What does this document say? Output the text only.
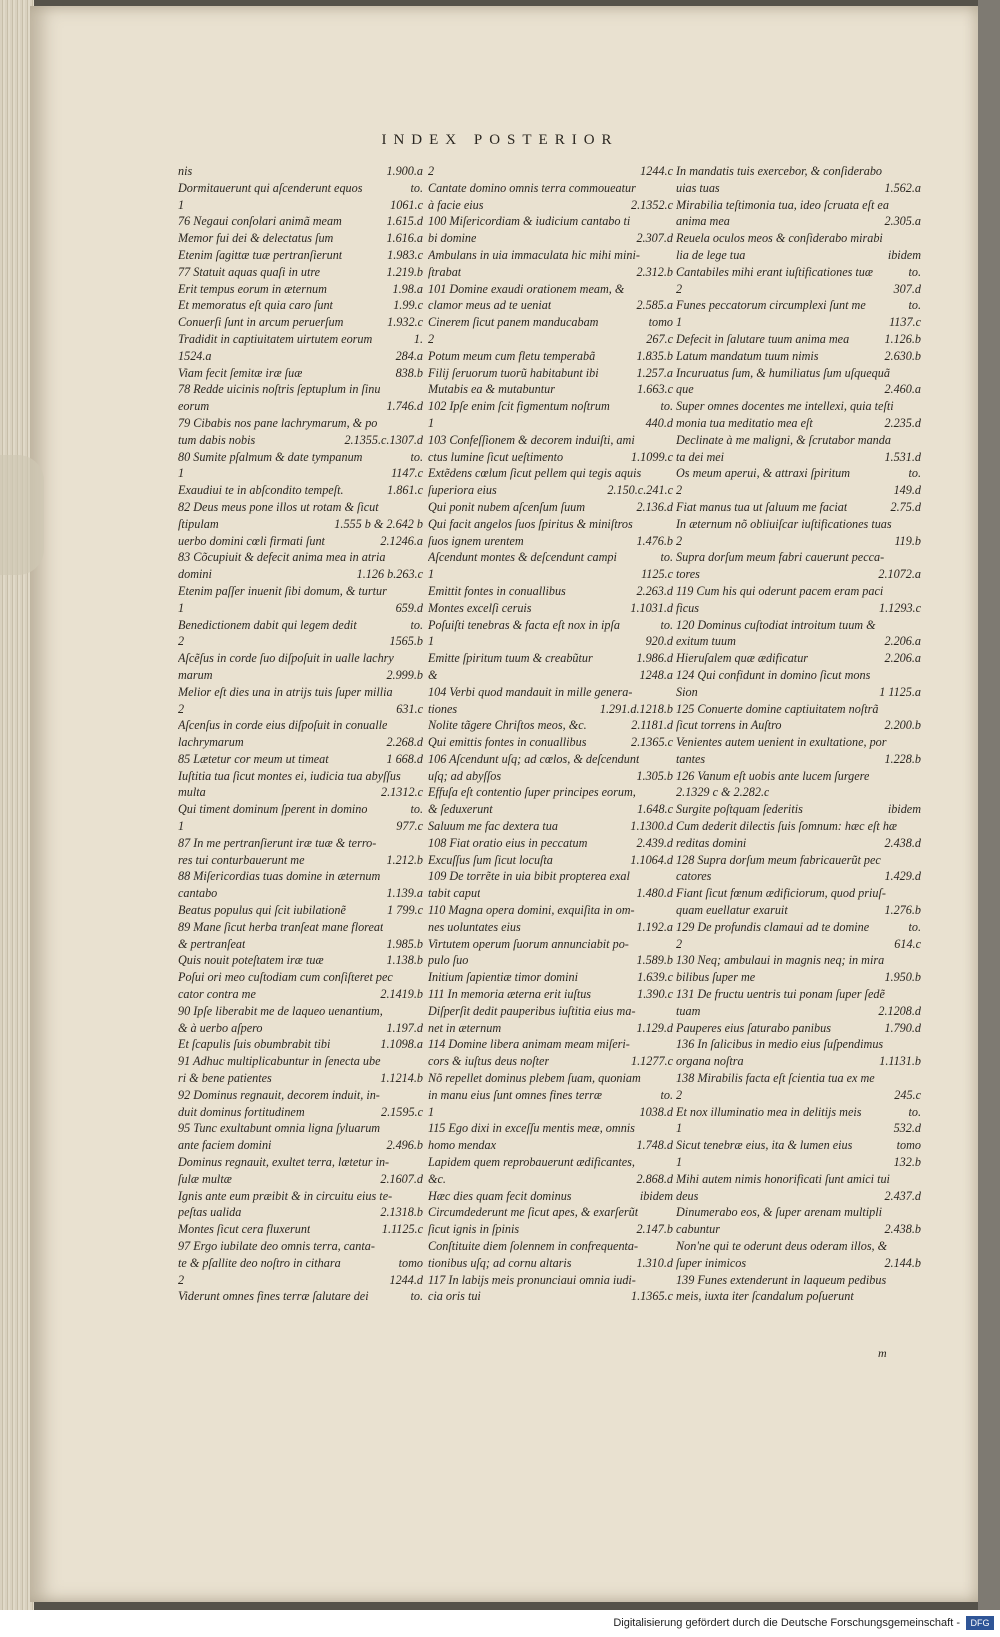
INDEX POSTERIOR
nis	1.900.a
Dormitauerunt qui aſcenderunt equos	to.
1	1061.c
76 Negaui conſolari animã meam	1.615.d
Memor fui dei & delectatus ſum	1.616.a
Etenim ſagittæ tuæ pertranſierunt	1.983.c
77 Statuit aquas quaſi in utre	1.219.b
Erit tempus eorum in æternum	1.98.a
Et memoratus eſt quia caro ſunt	1.99.c
Conuerſi ſunt in arcum peruerſum	1.932.c
Tradidit in captiuitatem uirtutem eorum	1.
1524.a	284.a
Viam fecit ſemitæ iræ ſuæ	838.b
78 Redde uicinis noſtris ſeptuplum in ſinu
eorum	1.746.d
79 Cibabis nos pane lachrymarum, & po
tum dabis nobis	2.1355.c.1307.d
80 Sumite pſalmum & date tympanum	to.
1	1147.c
Exaudiui te in abſcondito tempeſt.	1.861.c
82 Deus meus pone illos ut rotam & ſicut
ſtipulam	1.555 b & 2.642 b
uerbo domini cœli firmati ſunt	2.1246.a
83 Cõcupiuit & defecit anima mea in atria
domini	1.126 b.263.c
Etenim paſſer inuenit ſibi domum, & turtur
1	659.d
Benedictionem dabit qui legem dedit	to.
2	1565.b
Aſcẽſus in corde ſuo diſpoſuit in ualle lachry
marum	2.999.b
Melior eſt dies una in atrijs tuis ſuper millia
2	631.c
Aſcenſus in corde eius diſpoſuit in conualle
lachrymarum	2.268.d
85 Lætetur cor meum ut timeat	1 668.d
Iuſtitia tua ſicut montes ei, iudicia tua abyſſus
multa	2.1312.c
Qui timent dominum ſperent in domino	to.
1	977.c
87 In me pertranſierunt iræ tuæ & terro-
res tui conturbauerunt me	1.212.b
88 Miſericordias tuas domine in æternum
cantabo	1.139.a
Beatus populus qui ſcit iubilationẽ	1 799.c
89 Mane ſicut herba tranſeat mane floreat
& pertranſeat	1.985.b
Quis nouit poteſtatem iræ tuæ	1.138.b
Poſui ori meo cuſtodiam cum conſiſteret pec
cator contra me	2.1419.b
90 Ipſe liberabit me de laqueo uenantium,
& à uerbo aſpero	1.197.d
Et ſcapulis ſuis obumbrabit tibi	1.1098.a
91 Adhuc multiplicabuntur in ſenecta ube
ri & bene patientes	1.1214.b
92 Dominus regnauit, decorem induit, in-
duit dominus fortitudinem	2.1595.c
95 Tunc exultabunt omnia ligna ſyluarum
ante faciem domini	2.496.b
Dominus regnauit, exultet terra, lætetur in-
ſulæ multæ	2.1607.d
Ignis ante eum præibit & in circuitu eius te-
peſtas ualida	2.1318.b
Montes ſicut cera fluxerunt	1.1125.c
97 Ergo iubilate deo omnis terra, canta-
te & pſallite deo noſtro in cithara	tomo
2	1244.d
Viderunt omnes fines terræ ſalutare dei	to.
2	1244.c
Cantate domino omnis terra commoueatur
à facie eius	2.1352.c
100 Miſericordiam & iudicium cantabo ti
bi domine	2.307.d
Ambulans in uia immaculata hic mihi mini-
ſtrabat	2.312.b
101 Domine exaudi orationem meam, &
clamor meus ad te ueniat	2.585.a
Cinerem ſicut panem manducabam	tomo
2	267.c
Potum meum cum fletu temperabã	1.835.b
Filij ſeruorum tuorũ habitabunt ibi	1.257.a
Mutabis ea & mutabuntur	1.663.c
102 Ipſe enim ſcit figmentum noſtrum	to.
1	440.d
103 Confeſſionem & decorem induiſti, ami
ctus lumine ſicut ueſtimento	1.1099.c
Extẽdens cœlum ſicut pellem qui tegis aquis
ſuperiora eius	2.150.c.241.c
Qui ponit nubem aſcenſum ſuum	2.136.d
Qui facit angelos ſuos ſpiritus & miniſtros
ſuos ignem urentem	1.476.b
Aſcendunt montes & deſcendunt campi	to.
1	1125.c
Emittit fontes in conuallibus	2.263.d
Montes excelſi ceruis	1.1031.d
Poſuiſti tenebras & facta eſt nox in ipſa	to.
1	920.d
Emitte ſpiritum tuum & creabũtur	1.986.d
&	1248.a
104 Verbi quod mandauit in mille genera-
tiones	1.291.d.1218.b
Nolite tãgere Chriſtos meos, &c.	2.1181.d
Qui emittis fontes in conuallibus	2.1365.c
106 Aſcendunt uſq; ad cœlos, & deſcendunt
uſq; ad abyſſos	1.305.b
Effuſa eſt contentio ſuper principes eorum,
& ſeduxerunt	1.648.c
Saluum me fac dextera tua	1.1300.d
108 Fiat oratio eius in peccatum	2.439.d
Excuſſus ſum ſicut locuſta	1.1064.d
109 De torrẽte in uia bibit propterea exal
tabit caput	1.480.d
110 Magna opera domini, exquiſita in om-
nes uoluntates eius	1.192.a
Virtutem operum ſuorum annunciabit po-
pulo ſuo	1.589.b
Initium ſapientiæ timor domini	1.639.c
111 In memoria æterna erit iuſtus	1.390.c
Diſperſit dedit pauperibus iuſtitia eius ma-
net in æternum	1.129.d
114 Domine libera animam meam miſeri-
cors & iuſtus deus noſter	1.1277.c
Nõ repellet dominus plebem ſuam, quoniam
in manu eius ſunt omnes fines terræ	to.
1	1038.d
115 Ego dixi in exceſſu mentis meæ, omnis
homo mendax	1.748.d
Lapidem quem reprobauerunt ædificantes,
&c.	2.868.d
Hæc dies quam fecit dominus	ibidem
Circumdederunt me ſicut apes, & exarſerũt
ſicut ignis in ſpinis	2.147.b
Conſtituite diem ſolennem in confrequenta-
tionibus uſq; ad cornu altaris	1.310.d
117 In labijs meis pronunciaui omnia iudi-
cia oris tui	1.1365.c
In mandatis tuis exercebor, & conſiderabo
uias tuas	1.562.a
Mirabilia teſtimonia tua, ideo ſcruata eſt ea
anima mea	2.305.a
Reuela oculos meos & conſiderabo mirabi
lia de lege tua	ibidem
Cantabiles mihi erant iuſtificationes tuæ	to.
2	307.d
Funes peccatorum circumplexi ſunt me	to.
1	1137.c
Defecit in ſalutare tuum anima mea	1.126.b
Latum mandatum tuum nimis	2.630.b
Incuruatus ſum, & humiliatus ſum uſquequã
que	2.460.a
Super omnes docentes me intellexi, quia teſti
monia tua meditatio mea eſt	2.235.d
Declinate à me maligni, & ſcrutabor manda
ta dei mei	1.531.d
Os meum aperui, & attraxi ſpiritum	to.
2	149.d
Fiat manus tua ut ſaluum me faciat	2.75.d
In æternum nõ obliuiſcar iuſtificationes tuas
2	119.b
Supra dorſum meum fabri cauerunt pecca-
tores	2.1072.a
119 Cum his qui oderunt pacem eram paci
ficus	1.1293.c
120 Dominus cuſtodiat introitum tuum &
exitum tuum	2.206.a
Hieruſalem quæ ædificatur	2.206.a
124 Qui confidunt in domino ſicut mons
Sion	1 1125.a
125 Conuerte domine captiuitatem noſtrã
ſicut torrens in Auſtro	2.200.b
Venientes autem uenient in exultatione, por
tantes	1.228.b
126 Vanum eſt uobis ante lucem ſurgere
2.1329 c & 2.282.c
Surgite poſtquam ſederitis	ibidem
Cum dederit dilectis ſuis ſomnum: hæc eſt hæ
reditas domini	2.438.d
128 Supra dorſum meum fabricauerũt pec
catores	1.429.d
Fiant ſicut fœnum ædificiorum, quod priuſ-
quam euellatur exaruit	1.276.b
129 De profundis clamaui ad te domine	to.
2	614.c
130 Neq; ambulaui in magnis neq; in mira
bilibus ſuper me	1.950.b
131 De fructu uentris tui ponam ſuper ſedẽ
tuam	2.1208.d
Pauperes eius ſaturabo panibus	1.790.d
136 In ſalicibus in medio eius ſuſpendimus
organa noſtra	1.1131.b
138 Mirabilis facta eſt ſcientia tua ex me
2	245.c
Et nox illuminatio mea in delitijs meis	to.
1	532.d
Sicut tenebræ eius, ita & lumen eius	tomo
1	132.b
Mihi autem nimis honorificati ſunt amici tui
deus	2.437.d
Dinumerabo eos, & ſuper arenam multipli
cabuntur	2.438.b
Non'ne qui te oderunt deus oderam illos, &
ſuper inimicos	2.144.b
139 Funes extenderunt in laqueum pedibus
meis, iuxta iter ſcandalum poſuerunt
m
Digitalisierung gefördert durch die Deutsche Forschungsgemeinschaft -	DFG
